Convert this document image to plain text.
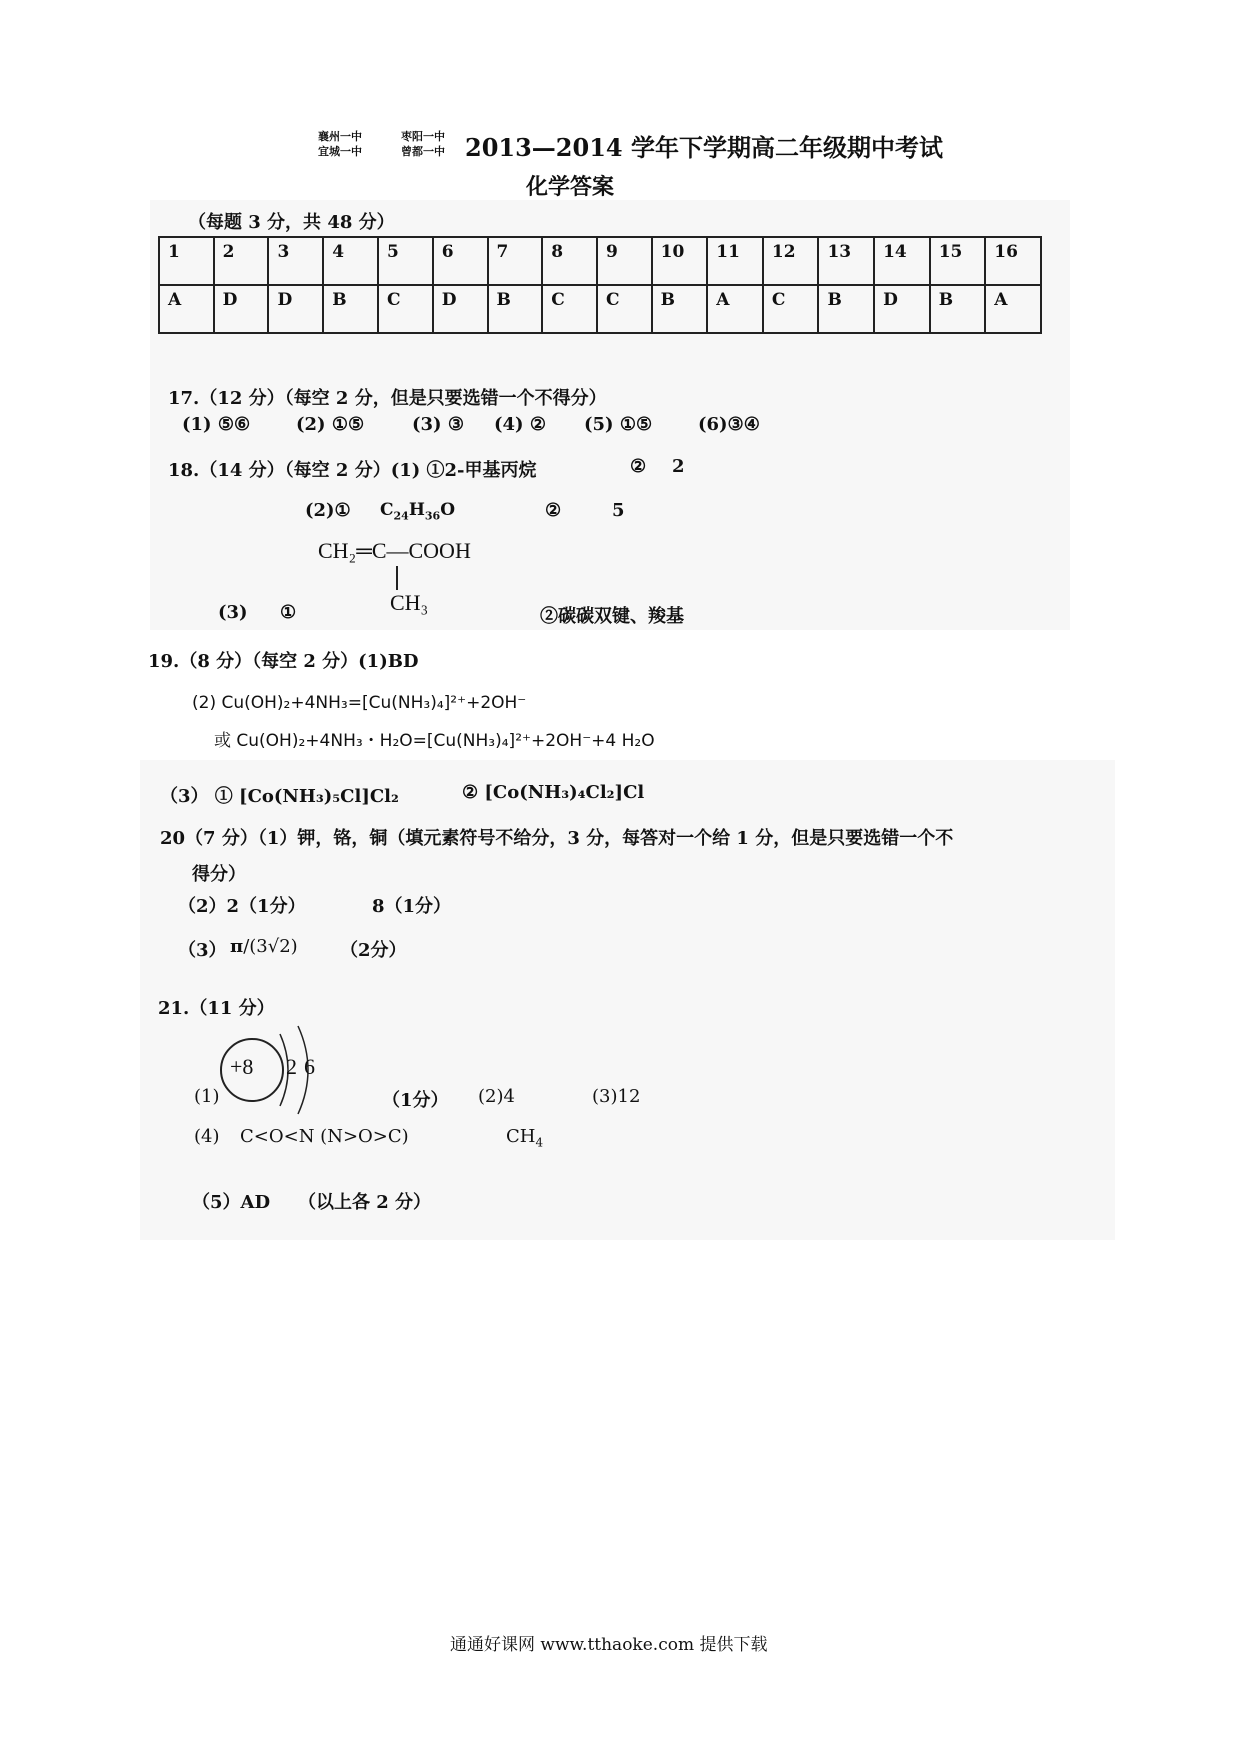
襄州一中
宜城一中
枣阳一中
曾都一中 2013—2014 学年下学期高二年级期中考试
化学答案
（每题 3 分，共 48 分）
1	2	3	4	5	6	7	8	9	10	11	12	13	14	15	16
A	D	D	B	C	D	B	C	C	B	A	C	B	D	B	A
17.（12 分）（每空 2 分，但是只要选错一个不得分）
(1) ⑤⑥	(2) ①⑤	(3) ③ (4) ② (5) ①⑤	(6)③④
18.（14 分）（每空 2 分）(1) ①2-甲基丙烷	② 2
(2)① $C_{24}H_{36}O$	②	5
CH₂═C—COOH
CH₃
(3) ①	②碳碳双键、羧基
19.（8 分）（每空 2 分）(1)BD
(2) Cu(OH)₂+4NH₃=[Cu(NH₃)₄]²⁺+2OH⁻
或 Cu(OH)₂+4NH₃・H₂O=[Cu(NH₃)₄]²⁺+2OH⁻+4 H₂O
（3） ① [Co(NH₃)₅Cl]Cl₂	② [Co(NH₃)₄Cl₂]Cl
20（7 分）（1）钾，铬，铜（填元素符号不给分，3 分，每答对一个给 1 分，但是只要选错一个不
得分）
（2）2（1分）	8（1分）
（3） π/(3√2) （2分）
21.（11 分）
+8 2 6
(1)	（1分） (2)4	(3)12
(4) C<O<N (N>O>C)	$CH_4$
（5）AD （以上各 2 分）
通通好课网 www.tthaoke.com 提供下载
